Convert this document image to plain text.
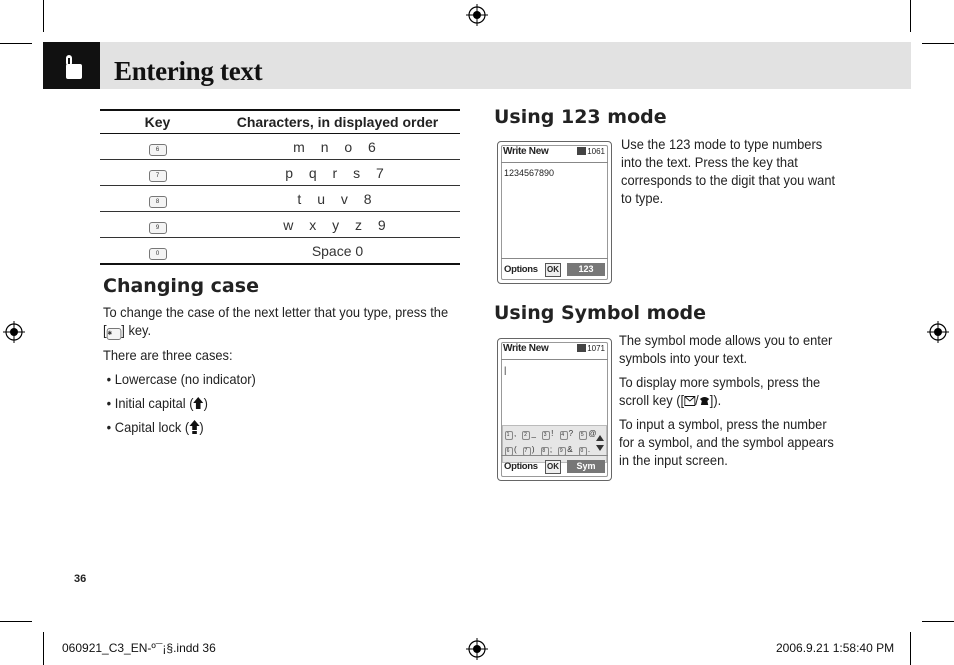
Entering text
Key	Characters, in displayed order
6	m n o 6
7	p q r s 7
8	t u v 8
9	w x y z 9
0	Space 0
Changing case

To change the case of the next letter that you type, press the [✱ ] key.

There are three cases:

• Lowercase (no indicator)
• Initial capital ( )
• Capital lock ( )
Using 123 mode
Write New	1061
1234567890
Options OK	123
Use the 123 mode to type numbers into the text. Press the key that corresponds to the digit that you want to type.
Using Symbol mode
Write New	1071
|
1 , 2 _ 3 ! 4 ? 5 @
6 ( 7 ) 8 ; 9 & 0 .
Options OK	Sym

The symbol mode allows you to enter symbols into your text.

To display more symbols, press the scroll key ([ / ]).

To input a symbol, press the number for a symbol, and the symbol appears in the input screen.

36
060921_C3_EN-º¯¡§.indd 36	2006.9.21 1:58:40 PM
